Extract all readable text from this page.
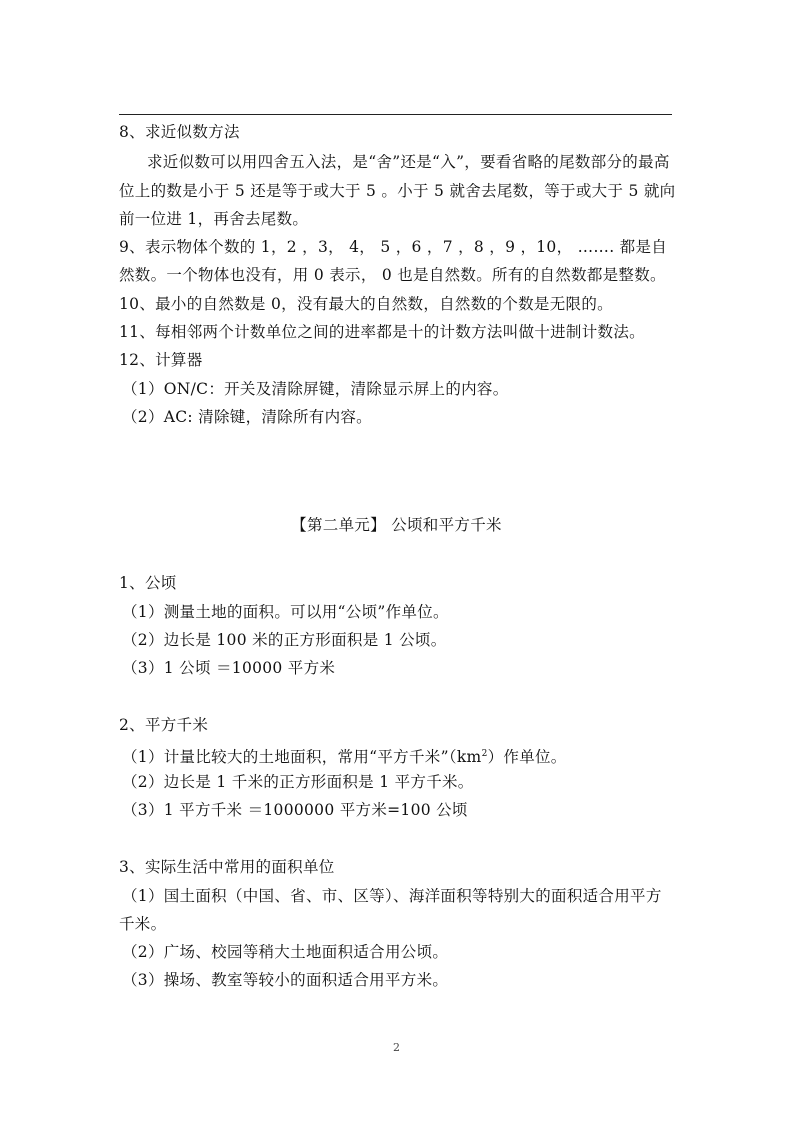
8、求近似数方法
求近似数可以用四舍五入法，是“舍”还是“入”，要看省略的尾数部分的最高
位上的数是小于 5 还是等于或大于 5 。小于 5 就舍去尾数，等于或大于 5 就向
前一位进 1，再舍去尾数。
9、表示物体个数的 1，2 ，3， 4， 5 ，6 ，7 ，8 ，9 ，10， ……. 都是自
然数。一个物体也没有，用 0 表示， 0 也是自然数。所有的自然数都是整数。
10、最小的自然数是 0，没有最大的自然数，自然数的个数是无限的。
11、每相邻两个计数单位之间的进率都是十的计数方法叫做十进制计数法。
12、计算器
（1）ON/C：开关及清除屏键，清除显示屏上的内容。
（2）AC: 清除键，清除所有内容。
【第二单元】 公顷和平方千米
1、公顷
（1）测量土地的面积。可以用“公顷”作单位。
（2）边长是 100 米的正方形面积是 1 公顷。
（3）1 公顷 ＝10000 平方米
2、平方千米
（1）计量比较大的土地面积，常用“平方千米$”(km^2)$作单位。
（2）边长是 1 千米的正方形面积是 1 平方千米。
（3）1 平方千米 ＝1000000 平方米=100 公顷
3、实际生活中常用的面积单位
（1）国土面积（中国、省、市、区等）、海洋面积等特别大的面积适合用平方
千米。
（2）广场、校园等稍大土地面积适合用公顷。
（3）操场、教室等较小的面积适合用平方米。
2
